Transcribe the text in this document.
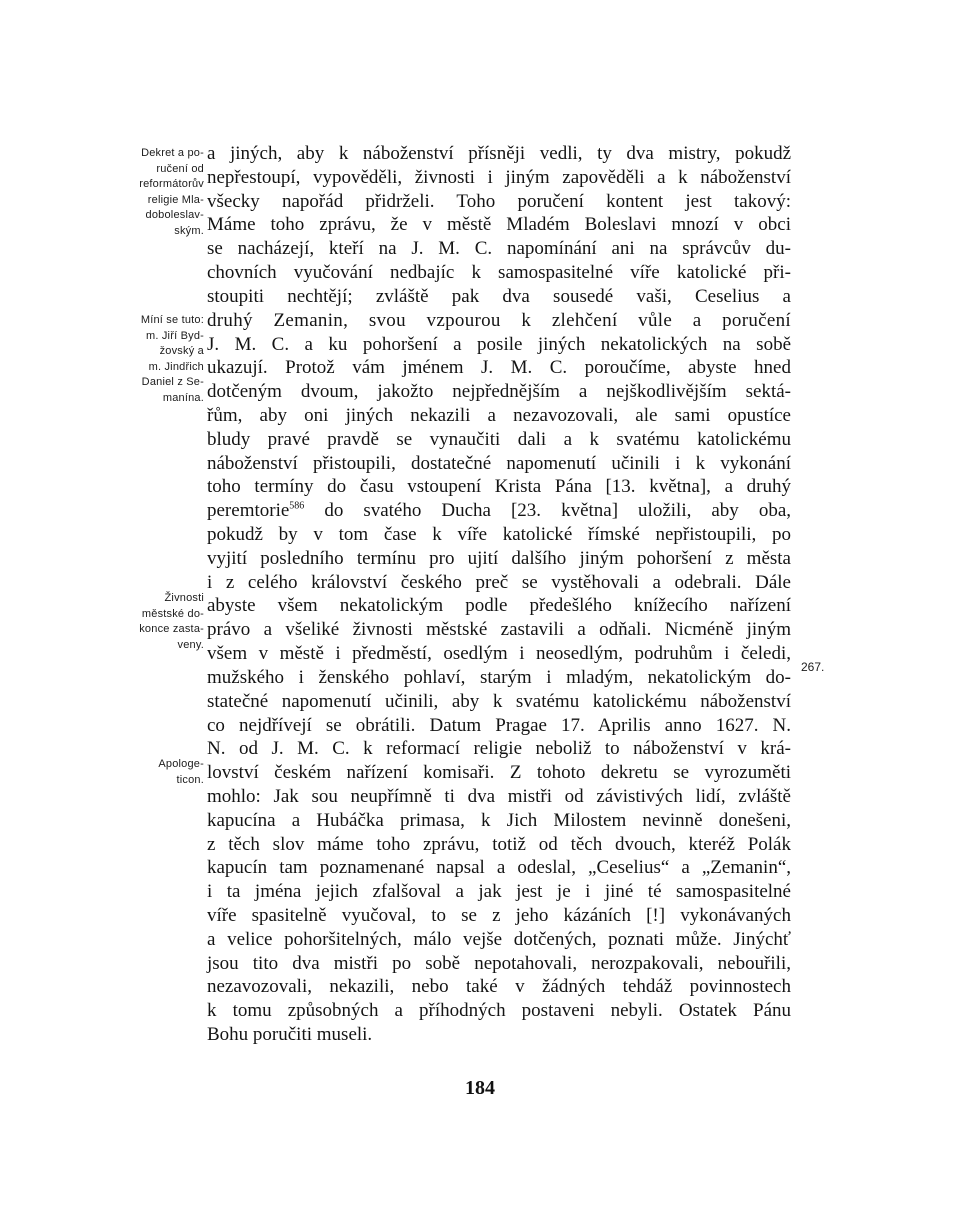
a jiných, aby k náboženství přísněji vedli, ty dva mistry, pokudž
nepřestoupí, vypověděli, živnosti i jiným zapověděli a k náboženství
všecky napořád přidrželi. Toho poručení kontent jest takový:
Máme toho zprávu, že v městě Mladém Boleslavi mnozí v obci
se nacházejí, kteří na J. M. C. napomínání ani na správcův du-
chovních vyučování nedbajíc k samospasitelné víře katolické při-
stoupiti nechtějí; zvláště pak dva sousedé vaši, Ceselius a
druhý Zemanin, svou vzpourou k zlehčení vůle a poručení
J. M. C. a ku pohoršení a posile jiných nekatolických na sobě
ukazují. Protož vám jménem J. M. C. poroučíme, abyste hned
dotčeným dvoum, jakožto nejpřednějším a nejškodlivějším sektá-
řům, aby oni jiných nekazili a nezavozovali, ale sami opustíce
bludy pravé pravdě se vynaučiti dali a k svatému katolickému
náboženství přistoupili, dostatečné napomenutí učinili i k vykonání
toho termíny do času vstoupení Krista Pána [13. května], a druhý
peremtorie$^{586}$ do svatého Ducha [23. května] uložili, aby oba,
pokudž by v tom čase k víře katolické římské nepřistoupili, po
vyjití posledního termínu pro ujití dalšího jiným pohoršení z města
i z celého království českého preč se vystěhovali a odebrali. Dále
abyste všem nekatolickým podle předešlého knížecího nařízení
právo a všeliké živnosti městské zastavili a odňali. Nicméně jiným
všem v městě i předměstí, osedlým i neosedlým, podruhům i čeledi,
mužského i ženského pohlaví, starým i mladým, nekatolickým do-
statečné napomenutí učinili, aby k svatému katolickému náboženství
co nejdřívejí se obrátili. Datum Pragae 17. Aprilis anno 1627. N.
N. od J. M. C. k reformací religie neboliž to náboženství v krá-
lovství českém nařízení komisaři. Z tohoto dekretu se vyrozuměti
mohlo: Jak sou neupřímně ti dva mistři od závistivých lidí, zvláště
kapucína a Hubáčka primasa, k Jich Milostem nevinně donešeni,
z těch slov máme toho zprávu, totiž od těch dvouch, kteréž Polák
kapucín tam poznamenané napsal a odeslal, „Ceselius“ a „Zemanin“,
i ta jména jejich zfalšoval a jak jest je i jiné té samospasitelné
víře spasitelně vyučoval, to se z jeho kázáních [!] vykonávaných
a velice pohoršitelných, málo vejše dotčených, poznati může. Jinýchť
jsou tito dva mistři po sobě nepotahovali, nerozpakovali, nebouřili,
nezavozovali, nekazili, nebo také v žádných tehdáž povinnostech
k tomu způsobných a příhodných postaveni nebyli. Ostatek Pánu
Bohu poručiti museli.
Dekret a po-
ručení od
reformátorův
religie Mla-
doboleslav-
ským.
Míní se tuto:
m. Jiří Byd-
žovský a
m. Jindřich
Daniel z Se-
manína.
Živnosti
městské do-
konce zasta-
veny.
Apologe-
ticon.
267.
184
